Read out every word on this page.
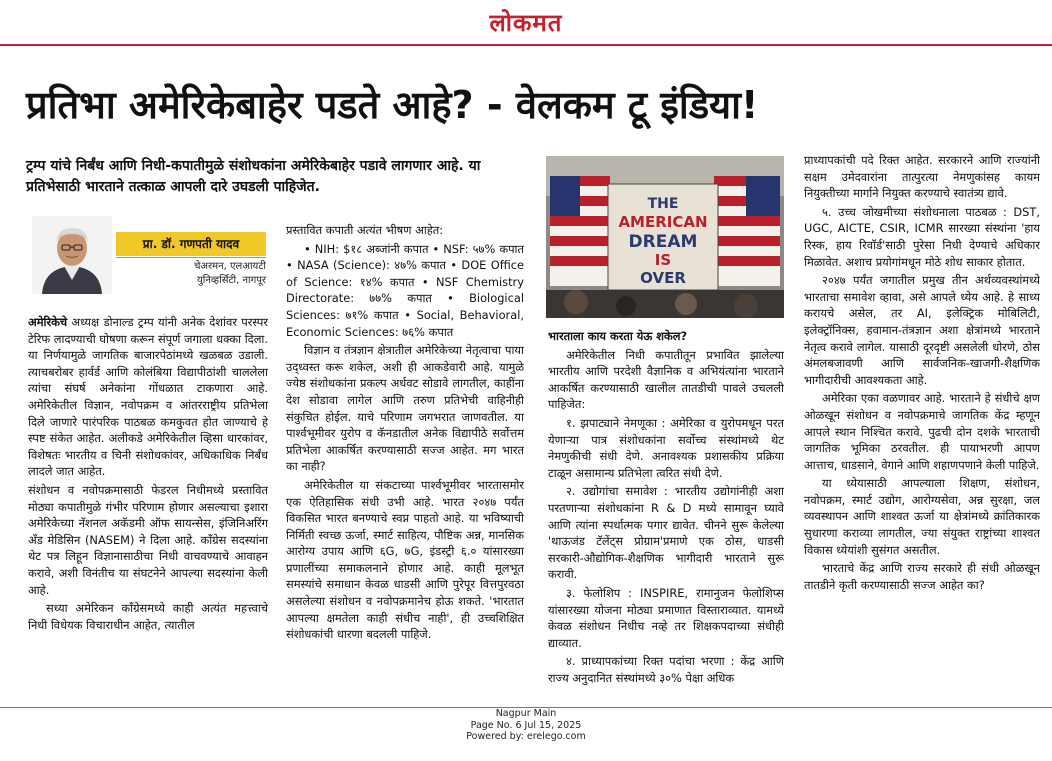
लोकमत
प्रतिभा अमेरिकेबाहेर पडते आहे? - वेलकम टू इंडिया!
ट्रम्प यांचे निर्बंध आणि निधी-कपातीमुळे संशोधकांना अमेरिकेबाहेर पडावे लागणार आहे. या प्रतिभेसाठी भारताने तत्काळ आपली दारे उघडली पाहिजेत.
प्रा. डॉ. गणपती यादव
चेअरमन, एलआयटी
युनिव्हर्सिटी, नागपूर

अमेरिकेचे अध्यक्ष डोनाल्ड ट्रम्प यांनी अनेक देशांवर परस्पर टेरिफ लादण्याची घोषणा करून संपूर्ण जगाला धक्का दिला. या निर्णयामुळे जागतिक बाजारपेठांमध्ये खळबळ उडाली. त्याचबरोबर हार्वर्ड आणि कोलंबिया विद्यापीठांशी चाललेला त्यांचा संघर्ष अनेकांना गोंधळात टाकणारा आहे. अमेरिकेतील विज्ञान, नवोपक्रम व आंतरराष्ट्रीय प्रतिभेला दिले जाणारे पारंपरिक पाठबळ कमकुवत होत जाण्याचे हे स्पष्ट संकेत आहेत. अलीकडे अमेरिकेतील व्हिसा धारकांवर, विशेषतः भारतीय व चिनी संशोधकांवर, अधिकाधिक निर्बंध लादले जात आहेत.

संशोधन व नवोपक्रमासाठी फेडरल निधीमध्ये प्रस्तावित मोठ्या कपातीमुळे गंभीर परिणाम होणार असल्याचा इशारा अमेरिकेच्या नॅशनल अकॅडमी ऑफ सायन्सेस, इंजिनिअरिंग अँड मेडिसिन (NASEM) ने दिला आहे. काँग्रेस सदस्यांना थेट पत्र लिहून विज्ञानासाठीचा निधी वाचवण्याचे आवाहन करावे, अशी विनंतीच या संघटनेने आपल्या सदस्यांना केली आहे.

सध्या अमेरिकन काँग्रेसमध्ये काही अत्यंत महत्त्वाचे निधी विधेयक विचाराधीन आहेत, त्यातील

प्रस्तावित कपाती अत्यंत भीषण आहेत:

• NIH: $१८ अब्जांनी कपात • NSF: ५७% कपात • NASA (Science): ४७% कपात • DOE Office of Science: १४% कपात • NSF Chemistry Directorate: ७७% कपात • Biological Sciences: ७१% कपात • Social, Behavioral, Economic Sciences: ७६% कपात

विज्ञान व तंत्रज्ञान क्षेत्रातील अमेरिकेच्या नेतृत्वाचा पाया उद्ध्वस्त करू शकेल, अशी ही आकडेवारी आहे. यामुळे ज्येष्ठ संशोधकांना प्रकल्प अर्धवट सोडावे लागतील, काहींना देश सोडावा लागेल आणि तरुण प्रतिभेची वाहिनीही संकुचित होईल. याचे परिणाम जगभरात जाणवतील. या पार्श्वभूमीवर युरोप व कॅनडातील अनेक विद्यापीठे सर्वोत्तम प्रतिभेला आकर्षित करण्यासाठी सज्ज आहेत. मग भारत का नाही?

अमेरिकेतील या संकटाच्या पार्श्वभूमीवर भारतासमोर एक ऐतिहासिक संधी उभी आहे. भारत २०४७ पर्यंत विकसित भारत बनण्याचे स्वप्न पाहतो आहे. या भविष्याची निर्मिती स्वच्छ ऊर्जा, स्मार्ट साहित्य, पौष्टिक अन्न, मानसिक आरोग्य उपाय आणि ६G, ७G, इंडस्ट्री ६.० यांसारख्या प्रणालींच्या समाकलनाने होणार आहे. काही मूलभूत समस्यांचे समाधान केवळ धाडसी आणि पुरेपूर वित्तपुरवठा असलेल्या संशोधन व नवोपक्रमानेच होऊ शकते. 'भारतात आपल्या क्षमतेला काही संधीच नाही', ही उच्चशिक्षित संशोधकांची धारणा बदलली पाहिजे.

THE
AMERICAN
DREAM
IS
OVER

भारताला काय करता येऊ शकेल?

अमेरिकेतील निधी कपातीतून प्रभावित झालेल्या भारतीय आणि परदेशी वैज्ञानिक व अभियंत्यांना भारताने आकर्षित करण्यासाठी खालील तातडीची पावले उचलली पाहिजेत:

१. झपाट्याने नेमणूका : अमेरिका व युरोपमधून परत येणाऱ्या पात्र संशोधकांना सर्वोच्च संस्थांमध्ये थेट नेमणुकीची संधी देणे. अनावश्यक प्रशासकीय प्रक्रिया टाळून असामान्य प्रतिभेला त्वरित संधी देणे.

२. उद्योगांचा समावेश : भारतीय उद्योगांनीही अशा परतणाऱ्या संशोधकांना R & D मध्ये सामावून घ्यावे आणि त्यांना स्पर्धात्मक पगार द्यावेत. चीनने सुरू केलेल्या 'थाऊजंड टॅलेंट्स प्रोग्राम'प्रमाणे एक ठोस, धाडसी सरकारी-औद्योगिक-शैक्षणिक भागीदारी भारताने सुरू करावी.

३. फेलोशिप : INSPIRE, रामानुजन फेलोशिप्स यांसारख्या योजना मोठ्या प्रमाणात विस्ताराव्यात. यामध्ये केवळ संशोधन निधीच नव्हे तर शिक्षकपदाच्या संधीही द्याव्यात.

४. प्राध्यापकांच्या रिक्त पदांचा भरणा : केंद्र आणि राज्य अनुदानित संस्थांमध्ये ३०% पेक्षा अधिक

प्राध्यापकांची पदे रिक्त आहेत. सरकारने आणि राज्यांनी सक्षम उमेदवारांना तात्पुरत्या नेमणुकांसह कायम नियुक्तीच्या मार्गाने नियुक्त करण्याचे स्वातंत्र्य द्यावे.

५. उच्च जोखमीच्या संशोधनाला पाठबळ : DST, UGC, AICTE, CSIR, ICMR सारख्या संस्थांना 'हाय रिस्क, हाय रिवॉर्ड'साठी पुरेसा निधी देण्याचे अधिकार मिळावेत. अशाच प्रयोगांमधून मोठे शोध साकार होतात.

२०४७ पर्यंत जगातील प्रमुख तीन अर्थव्यवस्थांमध्ये भारताचा समावेश व्हावा, असे आपले ध्येय आहे. हे साध्य करायचे असेल, तर AI, इलेक्ट्रिक मोबिलिटी, इलेक्ट्रॉनिक्स, हवामान-तंत्रज्ञान अशा क्षेत्रांमध्ये भारताने नेतृत्व करावे लागेल. यासाठी दूरदृष्टी असलेली धोरणे, ठोस अंमलबजावणी आणि सार्वजनिक-खाजगी-शैक्षणिक भागीदारीची आवश्यकता आहे.

अमेरिका एका वळणावर आहे. भारताने हे संधीचे क्षण ओळखून संशोधन व नवोपक्रमाचे जागतिक केंद्र म्हणून आपले स्थान निश्चित करावे. पुढची दोन दशके भारताची जागतिक भूमिका ठरवतील. ही पायाभरणी आपण आत्ताच, धाडसाने, वेगाने आणि शहाणपणाने केली पाहिजे.

या ध्येयासाठी आपल्याला शिक्षण, संशोधन, नवोपक्रम, स्मार्ट उद्योग, आरोग्यसेवा, अन्न सुरक्षा, जल व्यवस्थापन आणि शाश्वत ऊर्जा या क्षेत्रांमध्ये क्रांतिकारक सुधारणा कराव्या लागतील, ज्या संयुक्त राष्ट्रांच्या शाश्वत विकास ध्येयांशी सुसंगत असतील.

भारताचे केंद्र आणि राज्य सरकारे ही संधी ओळखून तातडीने कृती करण्यासाठी सज्ज आहेत का?

Nagpur Main
Page No. 6 Jul 15, 2025
Powered by: erelego.com
